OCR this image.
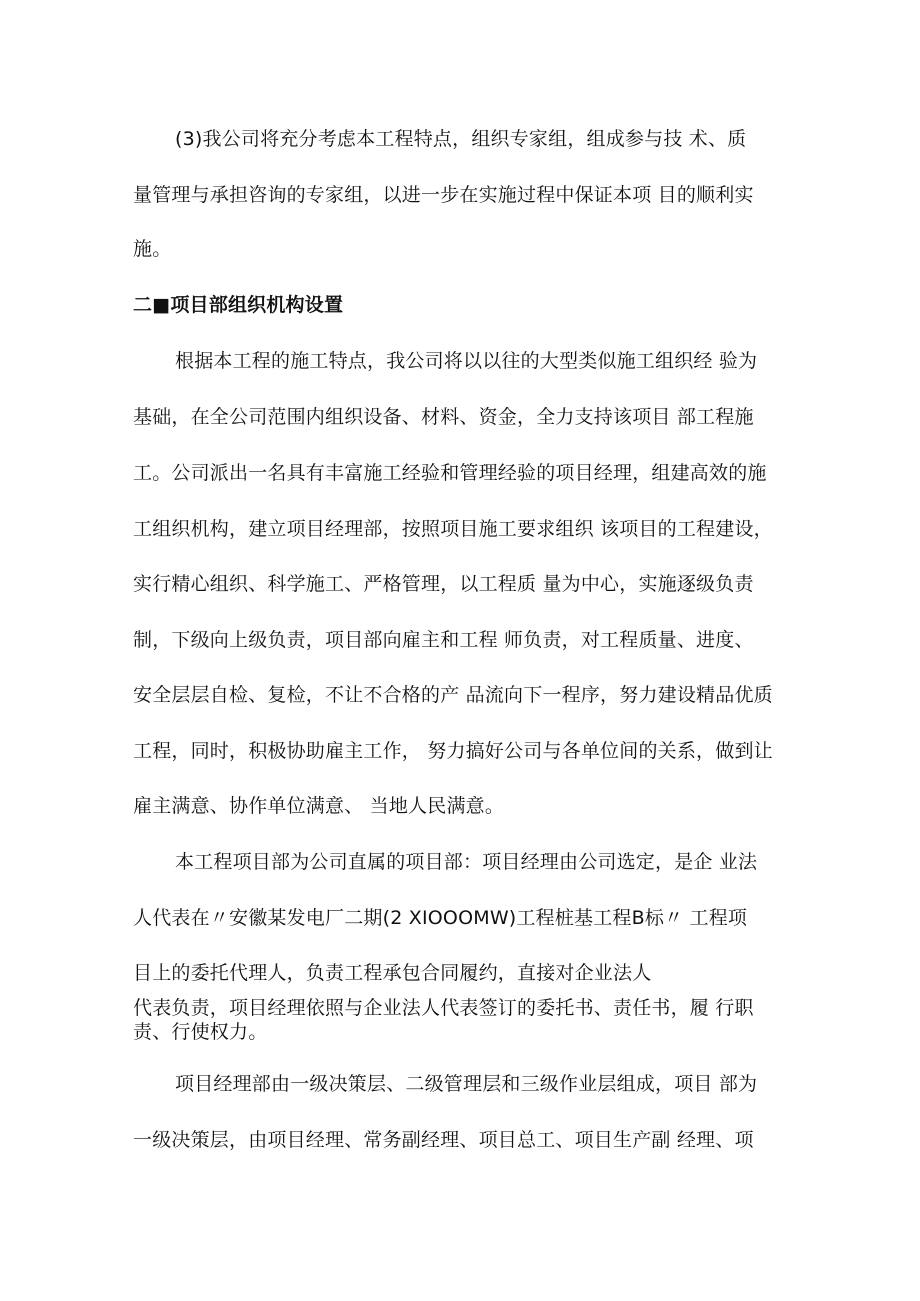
(3)我公司将充分考虑本工程特点，组织专家组，组成参与技 术、质
量管理与承担咨询的专家组，以进一步在实施过程中保证本项 目的顺利实
施。
二■项目部组织机构设置
根据本工程的施工特点，我公司将以以往的大型类似施工组织经 验为
基础，在全公司范围内组织设备、材料、资金，全力支持该项目 部工程施
工。公司派出一名具有丰富施工经验和管理经验的项目经理，组建高效的施
工组织机构，建立项目经理部，按照项目施工要求组织 该项目的工程建设，
实行精心组织、科学施工、严格管理，以工程质 量为中心，实施逐级负责
制，下级向上级负责，项目部向雇主和工程 师负责，对工程质量、进度、
安全层层自检、复检，不让不合格的产 品流向下一程序，努力建设精品优质
工程，同时，积极协助雇主工作， 努力搞好公司与各单位间的关系，做到让
雇主满意、协作单位满意、 当地人民满意。
本工程项目部为公司直属的项目部：项目经理由公司选定，是企 业法
人代表在〃安徽某发电厂二期(2 XIOOOMW)工程桩基工程B标〃 工程项
目上的委托代理人，负责工程承包合同履约，直接对企业法人
代表负责，项目经理依照与企业法人代表签订的委托书、责任书，履 行职
责、行使权力。
项目经理部由一级决策层、二级管理层和三级作业层组成，项目 部为
一级决策层，由项目经理、常务副经理、项目总工、项目生产副 经理、项
